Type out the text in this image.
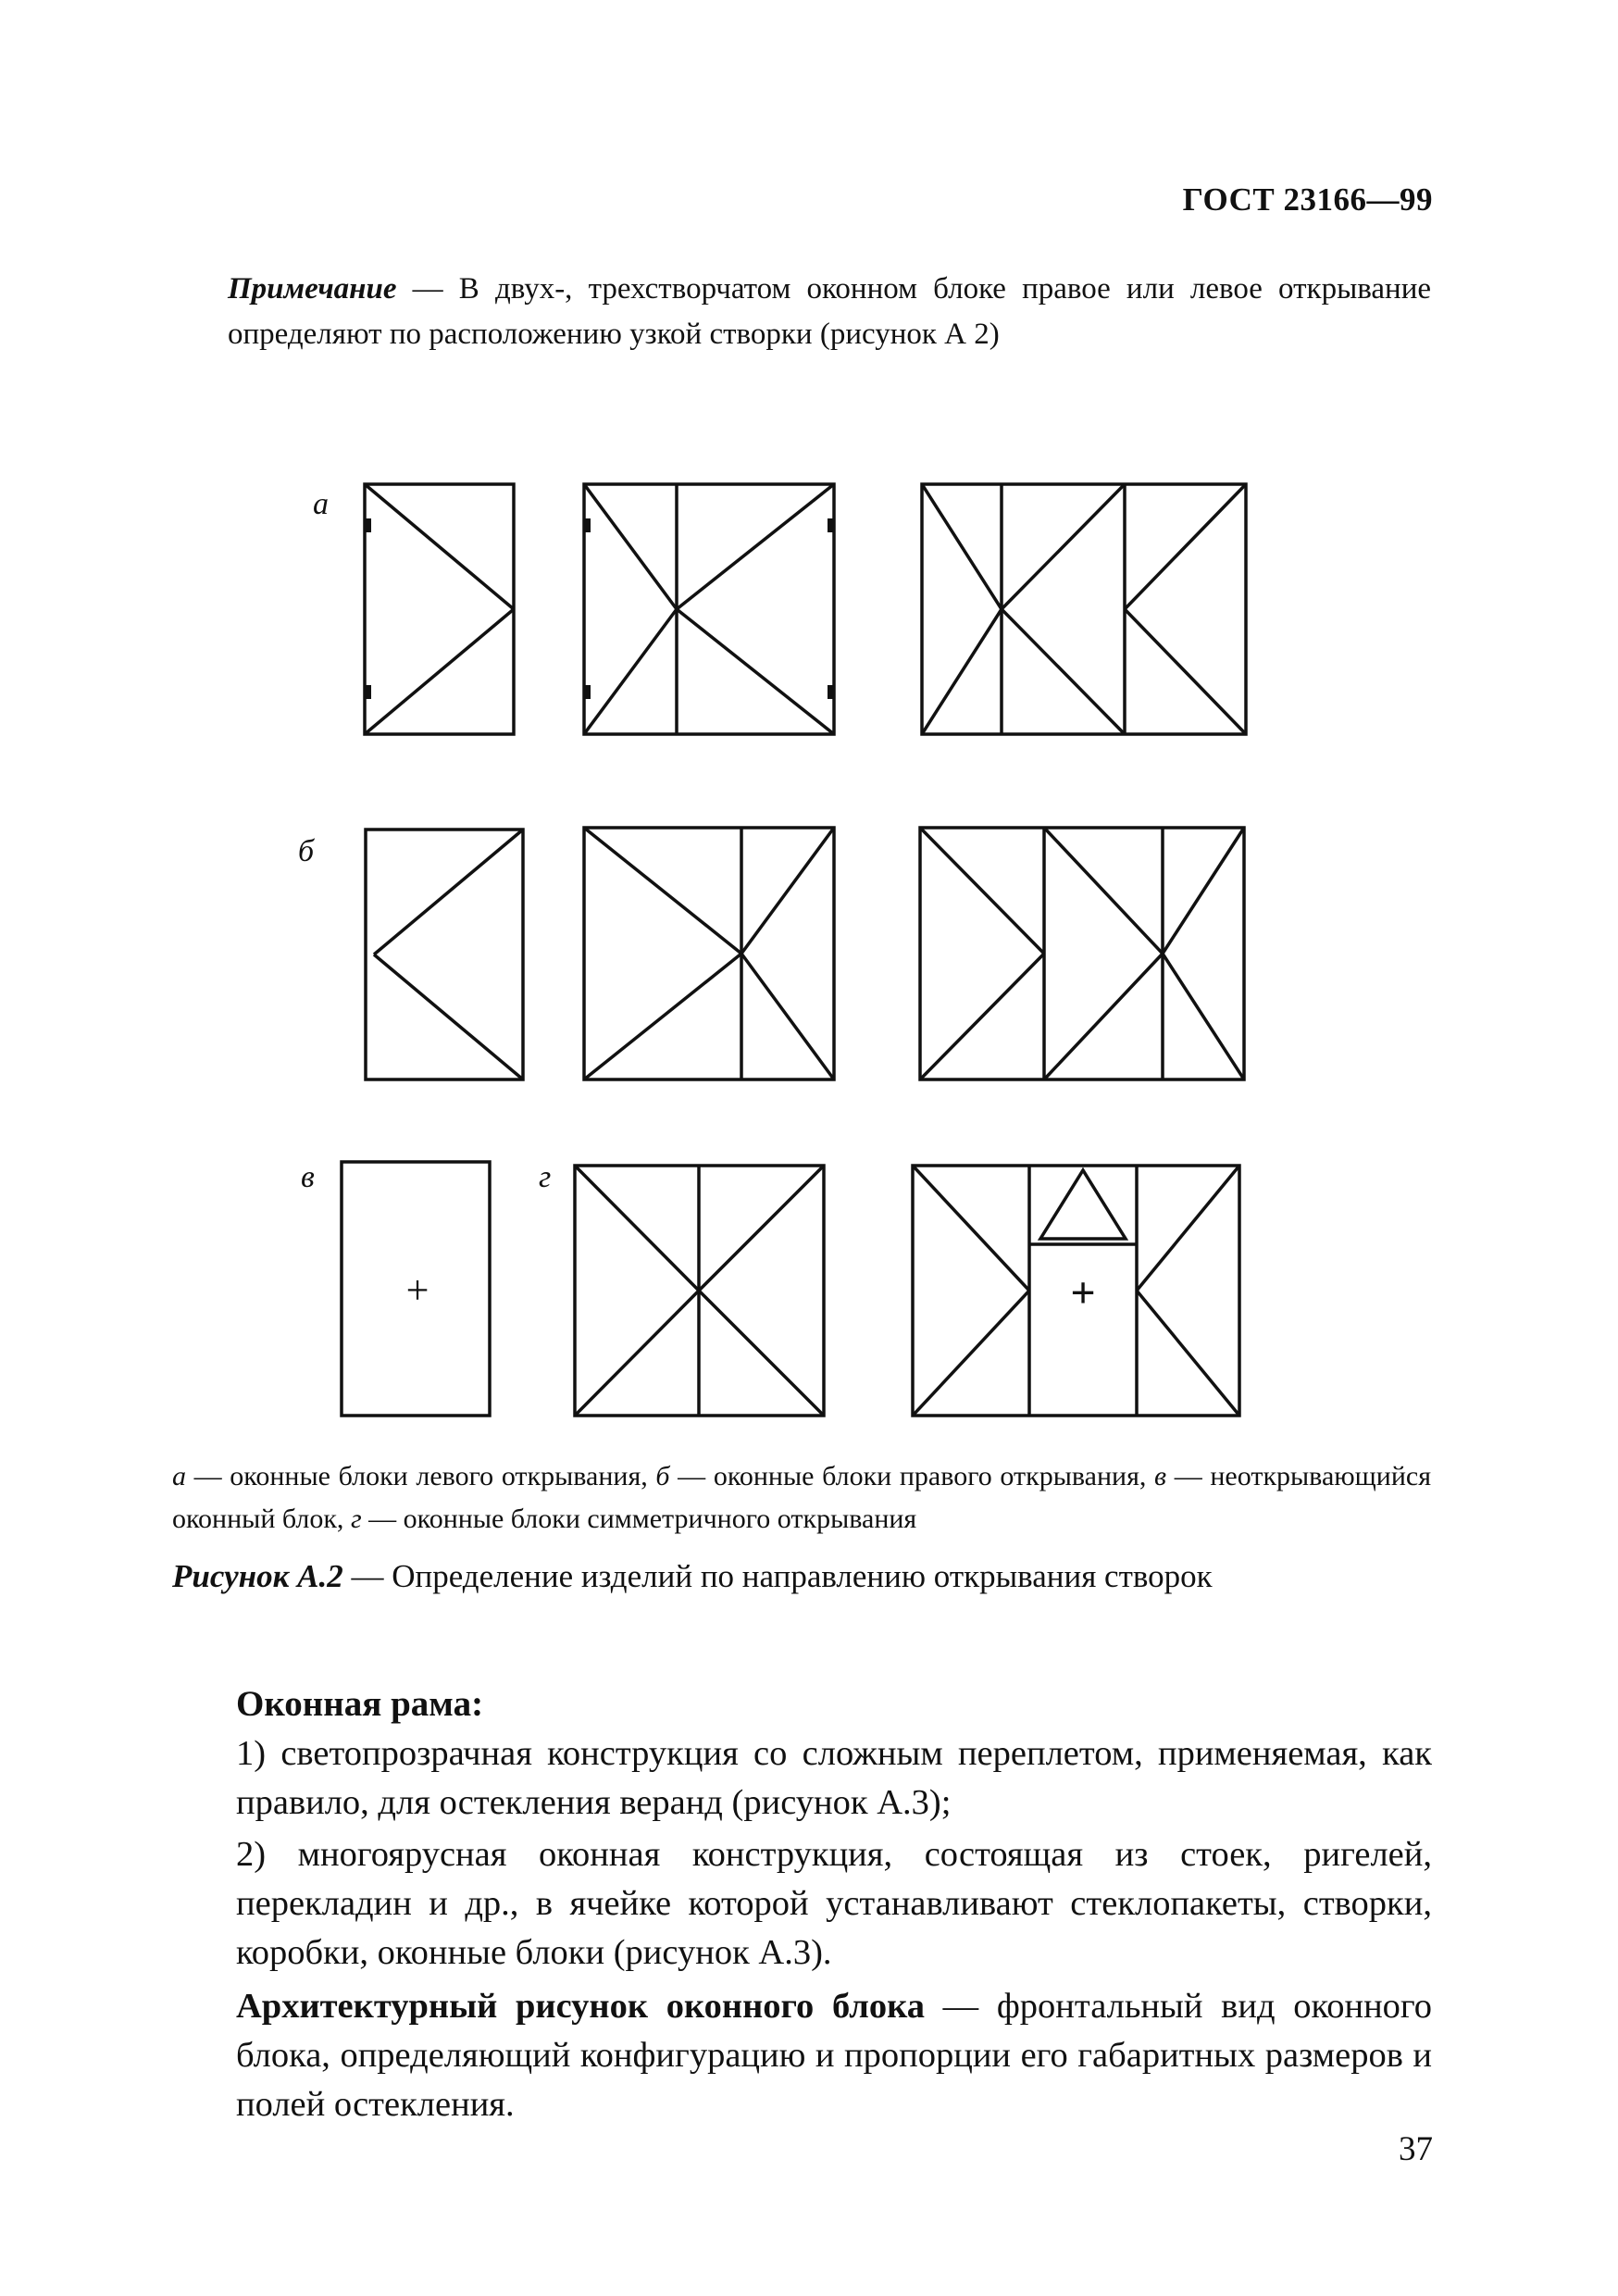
ГОСТ 23166—99
Примечание — В двух-, трехстворчатом оконном блоке правое или левое открывание определяют по расположению узкой створки (рисунок А 2)
а
б
в	г
+	+
а — оконные блоки левого открывания, б — оконные блоки правого открывания, в — неоткрывающийся оконный блок, г — оконные блоки симметричного открывания
Рисунок А.2 — Определение изделий по направлению открывания створок
Оконная рама:
1) светопрозрачная конструкция со сложным переплетом, применяемая, как правило, для остекления веранд (рисунок А.3);
2) многоярусная оконная конструкция, состоящая из стоек, ригелей, перекладин и др., в ячейке которой устанавливают стеклопакеты, створки, коробки, оконные блоки (рисунок А.3).
Архитектурный рисунок оконного блока — фронтальный вид оконного блока, определяющий конфигурацию и пропорции его габаритных размеров и полей остекления.
37
